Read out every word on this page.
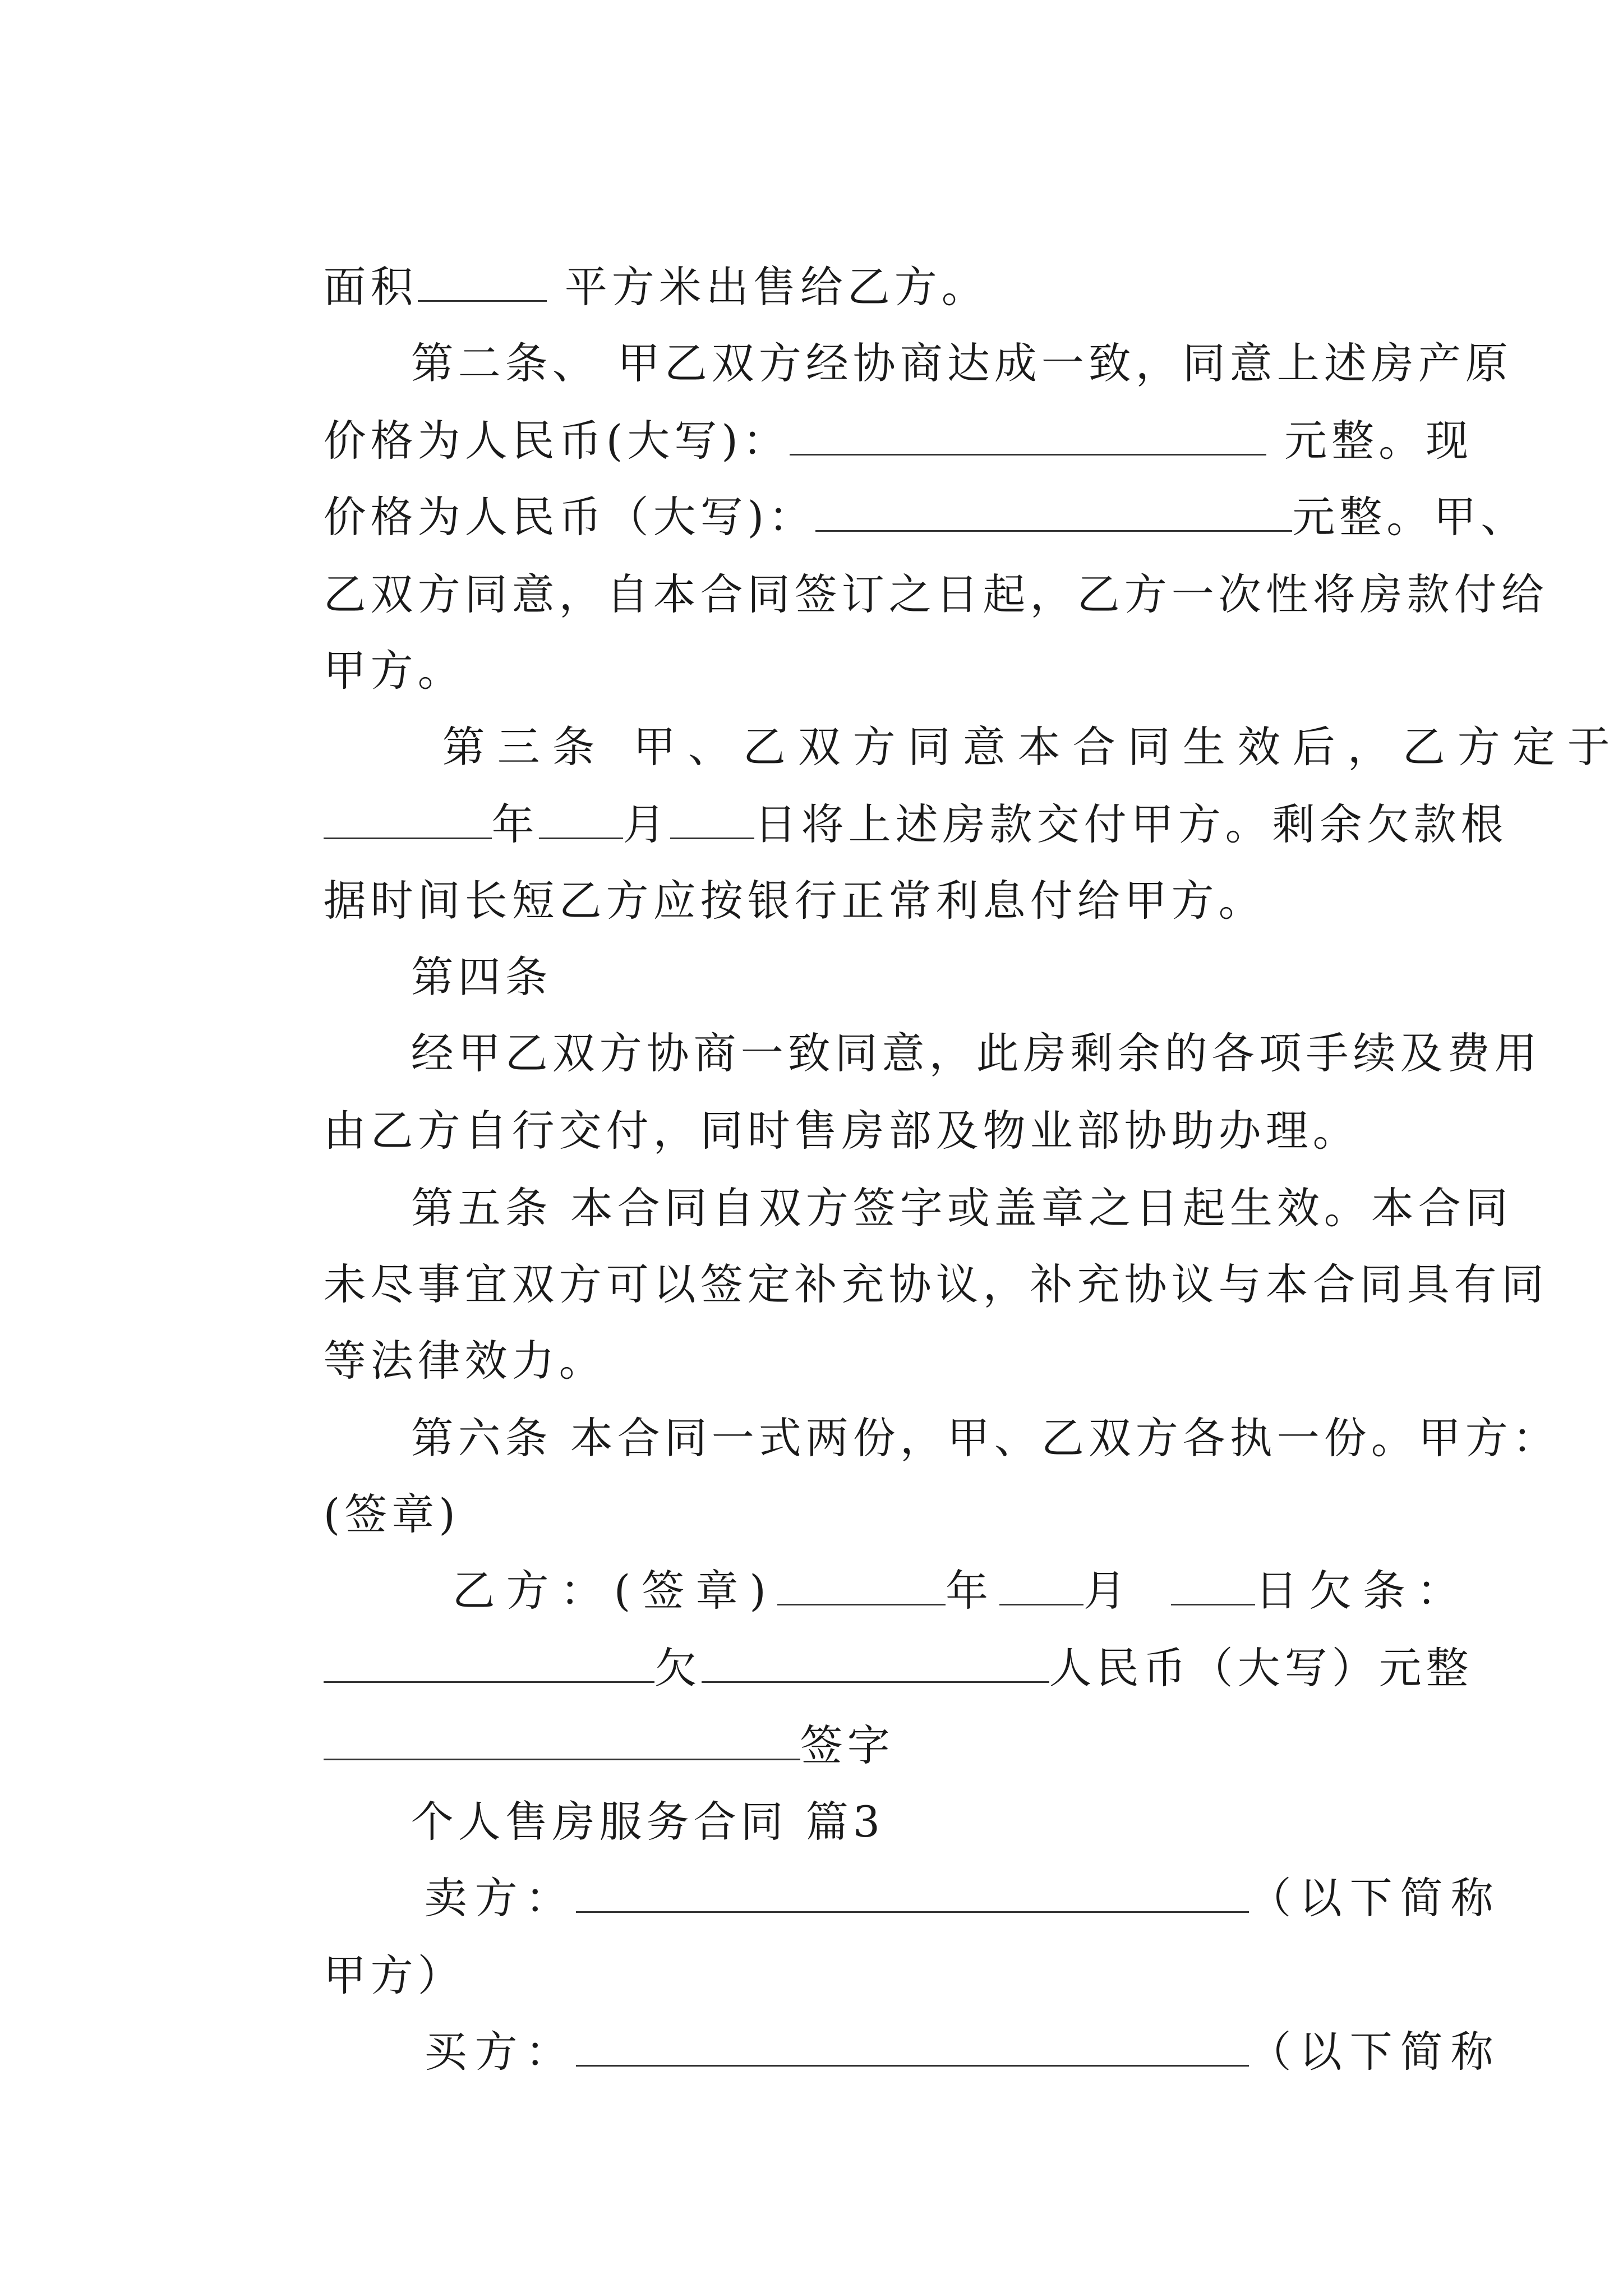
面积	平方米出售给乙方。

第二条、 甲乙双方经协商达成一致，同意上述房产原

价格为人民币(大写)：	元整。现

价格为人民币（大写)：	元整。甲、

乙双方同意，自本合同签订之日起，乙方一次性将房款付给

甲方。

第三条 甲、乙双方同意本合同生效后，乙方定于

年 月 日将上述房款交付甲方。剩余欠款根

据时间长短乙方应按银行正常利息付给甲方。

第四条

经甲乙双方协商一致同意，此房剩余的各项手续及费用

由乙方自行交付，同时售房部及物业部协助办理。

第五条 本合同自双方签字或盖章之日起生效。本合同

未尽事宜双方可以签定补充协议，补充协议与本合同具有同

等法律效力。

第六条 本合同一式两份，甲、乙双方各执一份。甲方：

(签章)

乙方：(签章)	年 月	日欠条：

欠	人民币（大写）元整

签字

个人售房服务合同 篇3

卖方：	（以下简称

甲方）

买方：	（以下简称
